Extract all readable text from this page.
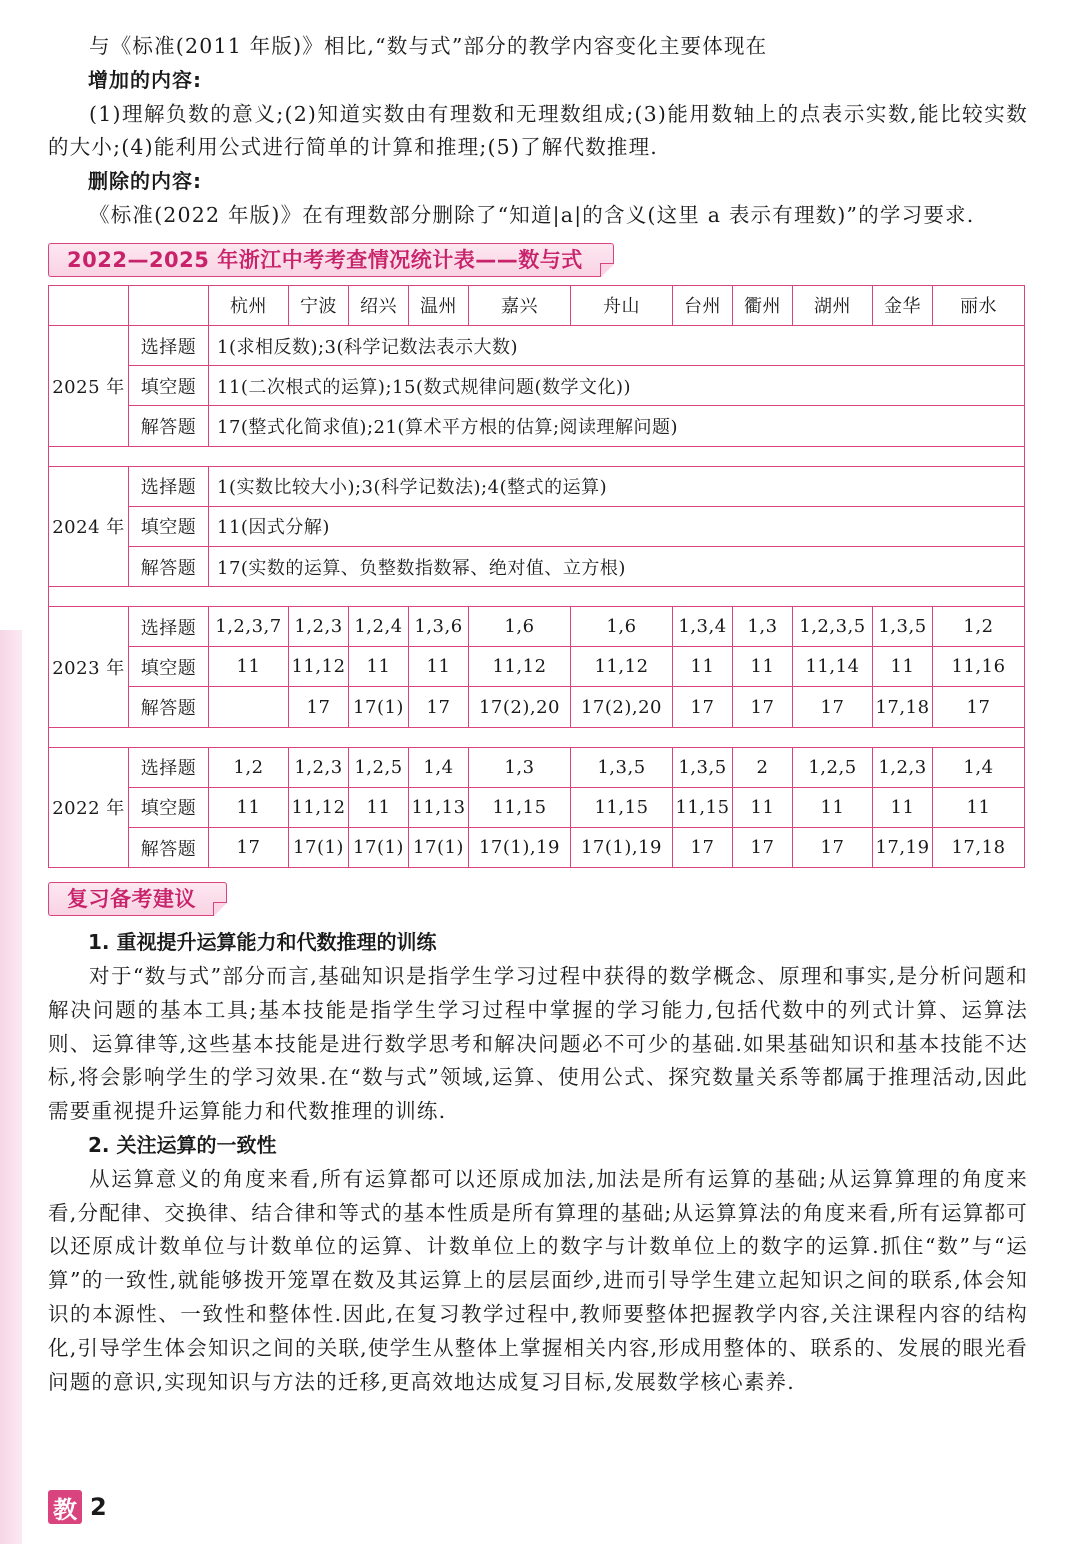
与《标准(2011 年版)》相比,“数与式”部分的教学内容变化主要体现在
增加的内容:
(1)理解负数的意义;(2)知道实数由有理数和无理数组成;(3)能用数轴上的点表示实数,能比较实数的大小;(4)能利用公式进行简单的计算和推理;(5)了解代数推理.
删除的内容:
《标准(2022 年版)》在有理数部分删除了“知道|a|的含义(这里 a 表示有理数)”的学习要求.
2022—2025 年浙江中考考查情况统计表——数与式
		杭州	宁波	绍兴	温州	嘉兴	舟山	台州	衢州	湖州	金华	丽水
2025 年	选择题	1(求相反数);3(科学记数法表示大数)										
	填空题	11(二次根式的运算);15(数式规律问题(数学文化))										
	解答题	17(整式化简求值);21(算术平方根的估算;阅读理解问题)										

2024 年	选择题	1(实数比较大小);3(科学记数法);4(整式的运算)										
	填空题	11(因式分解)										
	解答题	17(实数的运算、负整数指数幂、绝对值、立方根)										

2023 年	选择题	1,2,3,7	1,2,3	1,2,4	1,3,6	1,6	1,6	1,3,4	1,3	1,2,3,5	1,3,5	1,2
	填空题	11	11,12	11	11	11,12	11,12	11	11	11,14	11	11,16
	解答题		17	17(1)	17	17(2),20	17(2),20	17	17	17	17,18	17

2022 年	选择题	1,2	1,2,3	1,2,5	1,4	1,3	1,3,5	1,3,5	2	1,2,5	1,2,3	1,4
	填空题	11	11,12	11	11,13	11,15	11,15	11,15	11	11	11	11
	解答题	17	17(1)	17(1)	17(1)	17(1),19	17(1),19	17	17	17	17,19	17,18
复习备考建议
1. 重视提升运算能力和代数推理的训练
对于“数与式”部分而言,基础知识是指学生学习过程中获得的数学概念、原理和事实,是分析问题和解决问题的基本工具;基本技能是指学生学习过程中掌握的学习能力,包括代数中的列式计算、运算法则、运算律等,这些基本技能是进行数学思考和解决问题必不可少的基础.如果基础知识和基本技能不达标,将会影响学生的学习效果.在“数与式”领域,运算、使用公式、探究数量关系等都属于推理活动,因此需要重视提升运算能力和代数推理的训练.
2. 关注运算的一致性
从运算意义的角度来看,所有运算都可以还原成加法,加法是所有运算的基础;从运算算理的角度来看,分配律、交换律、结合律和等式的基本性质是所有算理的基础;从运算算法的角度来看,所有运算都可以还原成计数单位与计数单位的运算、计数单位上的数字与计数单位上的数字的运算.抓住“数”与“运算”的一致性,就能够拨开笼罩在数及其运算上的层层面纱,进而引导学生建立起知识之间的联系,体会知识的本源性、一致性和整体性.因此,在复习教学过程中,教师要整体把握教学内容,关注课程内容的结构化,引导学生体会知识之间的关联,使学生从整体上掌握相关内容,形成用整体的、联系的、发展的眼光看问题的意识,实现知识与方法的迁移,更高效地达成复习目标,发展数学核心素养.
教 2
